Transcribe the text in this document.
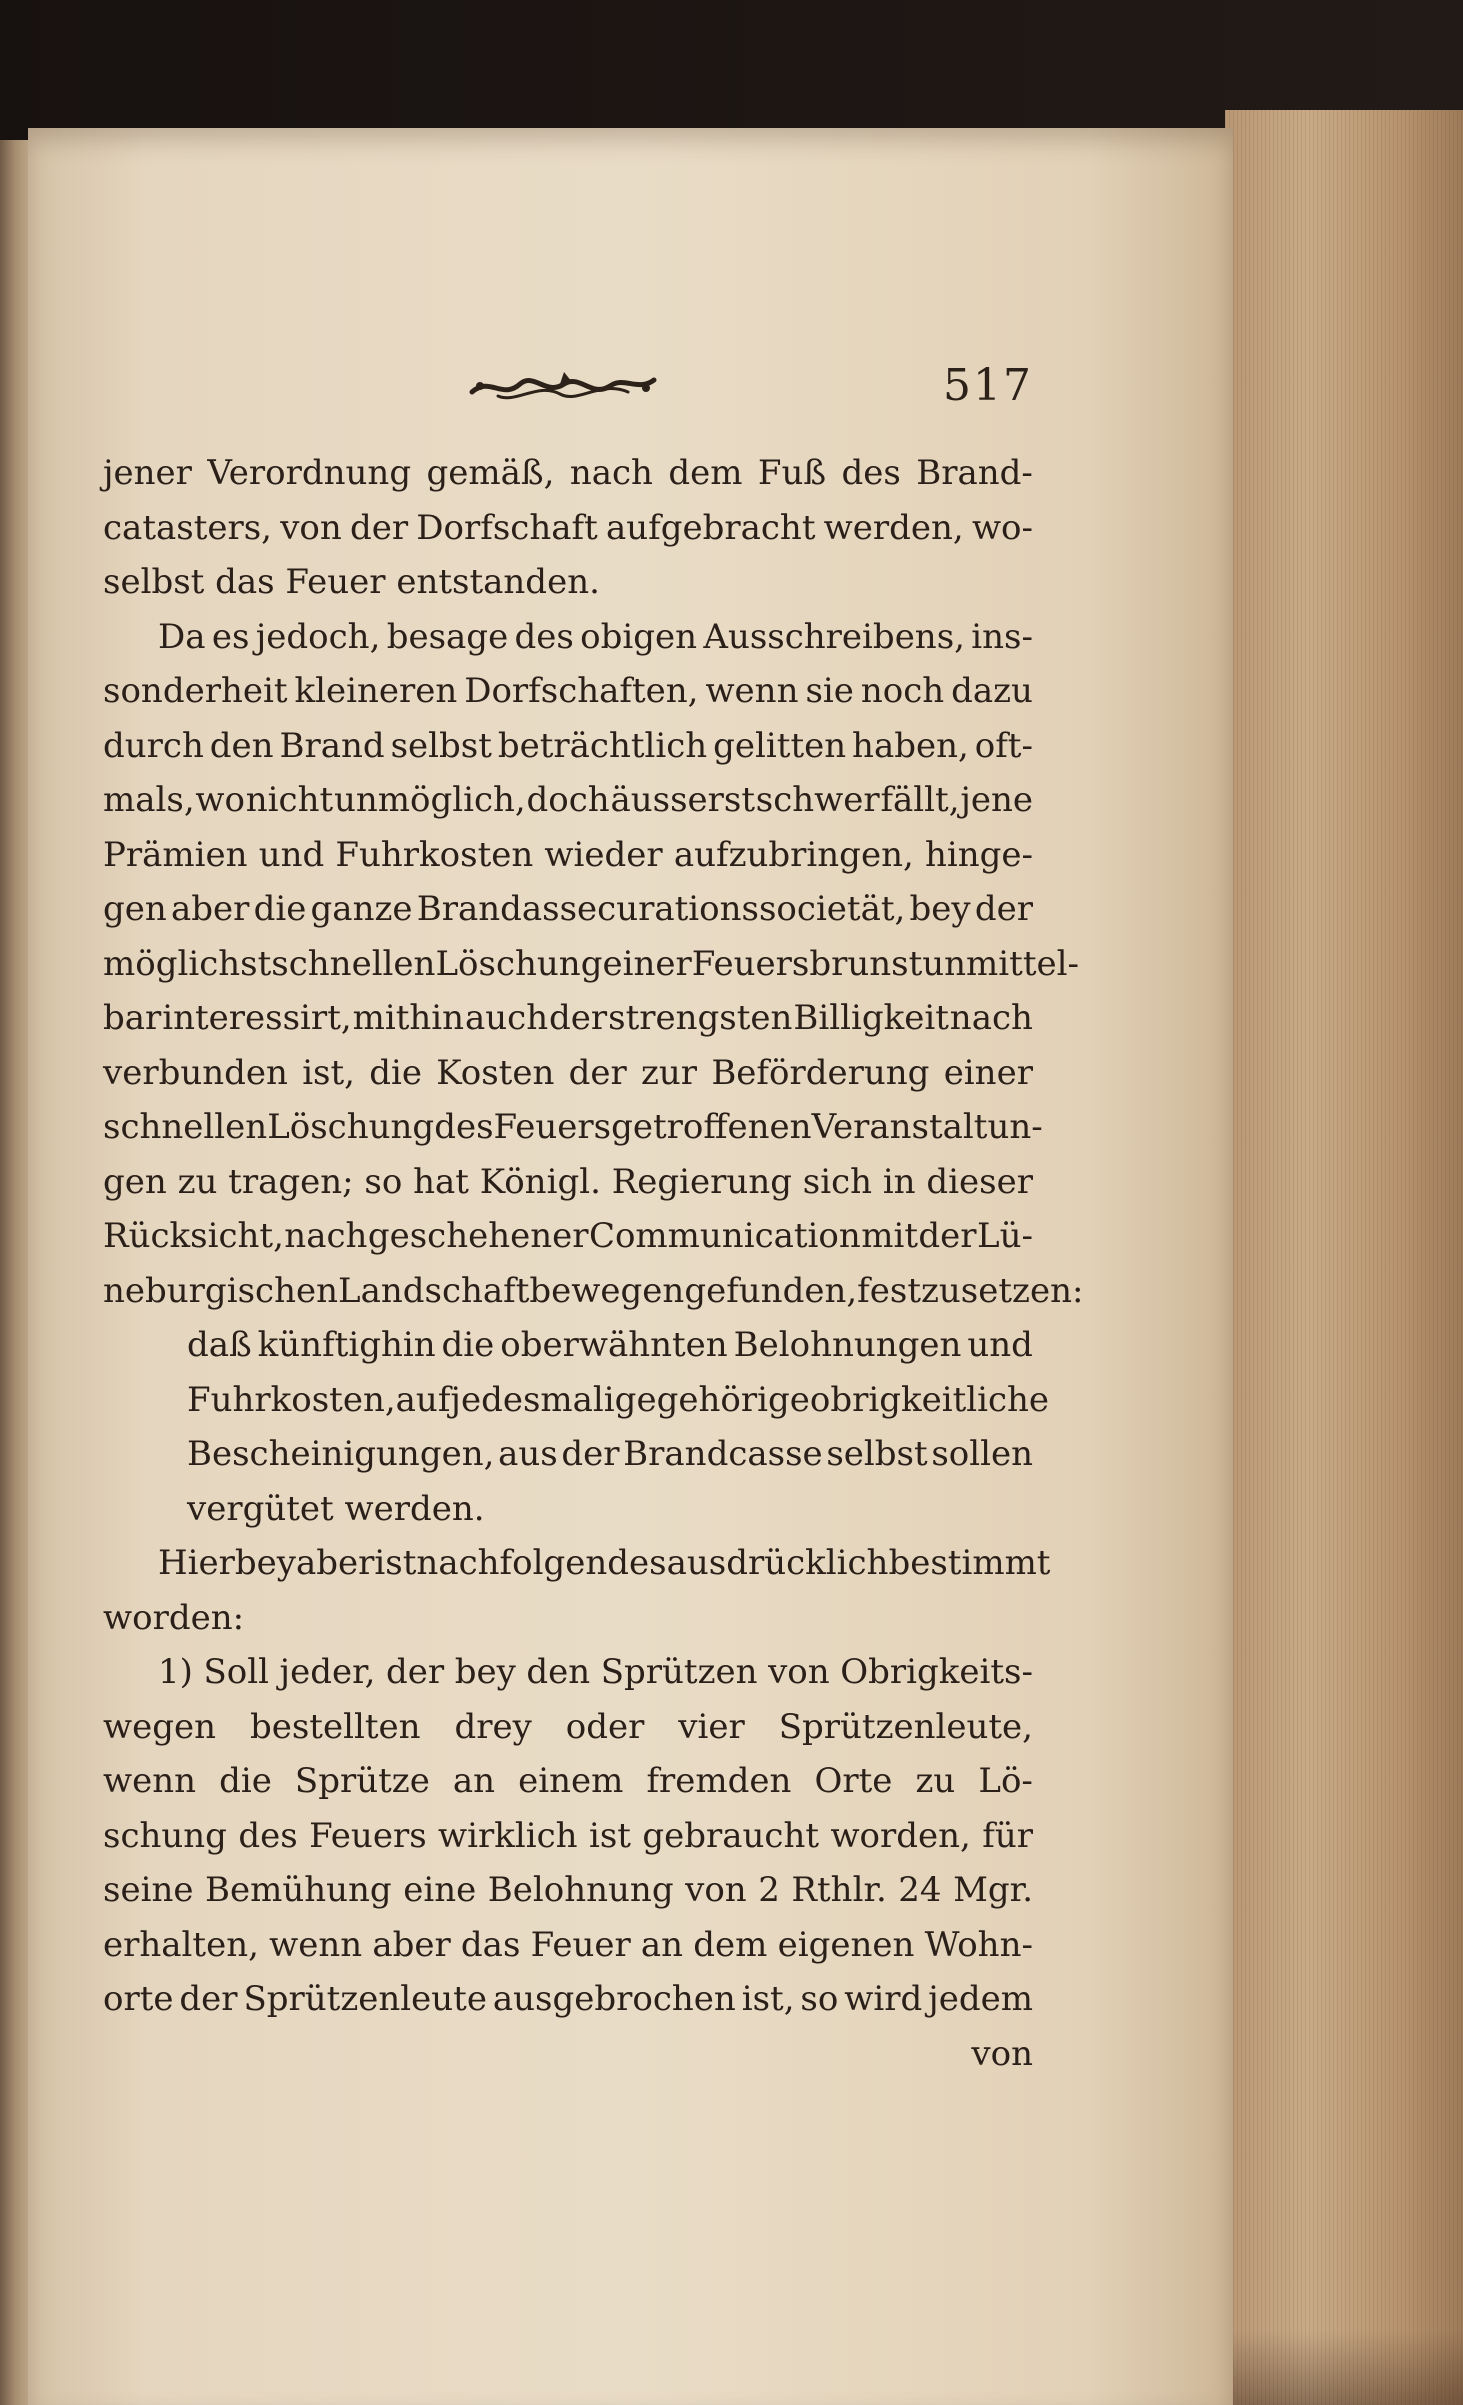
517
jener Verordnung gemäß, nach dem Fuß des Brand-
catasters, von der Dorfschaft aufgebracht werden, wo-
selbst das Feuer entstanden.
Da es jedoch, besage des obigen Ausschreibens, ins-
sonderheit kleineren Dorfschaften, wenn sie noch dazu
durch den Brand selbst beträchtlich gelitten haben, oft-
mals, wo nicht unmöglich, doch äusserst schwer fällt, jene
Prämien und Fuhrkosten wieder aufzubringen, hinge-
gen aber die ganze Brandassecurationssocietät, bey der
möglichst schnellen Löschung einer Feuersbrunst unmittel-
bar interessirt, mithin auch der strengsten Billigkeit nach
verbunden ist, die Kosten der zur Beförderung einer
schnellen Löschung des Feuers getroffenen Veranstaltun-
gen zu tragen; so hat Königl. Regierung sich in dieser
Rücksicht, nach geschehener Communication mit der Lü-
neburgischen Landschaft bewegen gefunden, festzusetzen:
daß künftighin die oberwähnten Belohnungen und
Fuhrkosten, auf jedesmalige gehörige obrigkeitliche
Bescheinigungen, aus der Brandcasse selbst sollen
vergütet werden.
Hierbey aber ist nachfolgendes ausdrücklich bestimmt
worden:
1) Soll jeder, der bey den Sprützen von Obrigkeits-
wegen bestellten drey oder vier Sprützenleute,
wenn die Sprütze an einem fremden Orte zu Lö-
schung des Feuers wirklich ist gebraucht worden, für
seine Bemühung eine Belohnung von 2 Rthlr. 24 Mgr.
erhalten, wenn aber das Feuer an dem eigenen Wohn-
orte der Sprützenleute ausgebrochen ist, so wird jedem
von
